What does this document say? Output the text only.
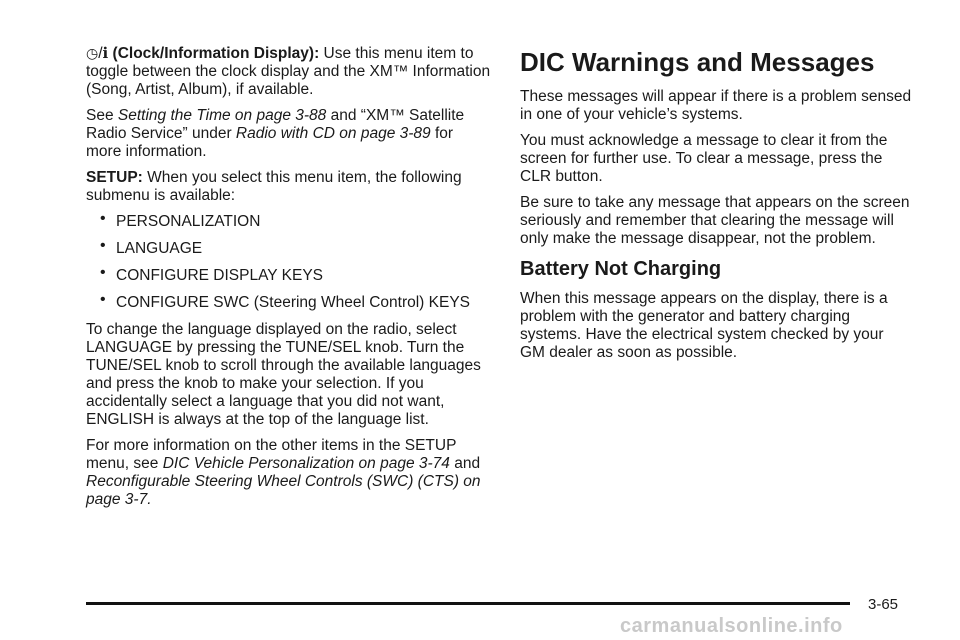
◷/ℹ (Clock/Information Display): Use this menu item to toggle between the clock display and the XM™ Information (Song, Artist, Album), if available.

See Setting the Time on page 3-88 and “XM™ Satellite Radio Service” under Radio with CD on page 3-89 for more information.

SETUP: When you select this menu item, the following submenu is available:

• PERSONALIZATION
• LANGUAGE
• CONFIGURE DISPLAY KEYS
• CONFIGURE SWC (Steering Wheel Control) KEYS

To change the language displayed on the radio, select LANGUAGE by pressing the TUNE/SEL knob. Turn the TUNE/SEL knob to scroll through the available languages and press the knob to make your selection. If you accidentally select a language that you did not want, ENGLISH is always at the top of the language list.

For more information on the other items in the SETUP menu, see DIC Vehicle Personalization on page 3-74 and Reconfigurable Steering Wheel Controls (SWC) (CTS) on page 3-7.

DIC Warnings and Messages

These messages will appear if there is a problem sensed in one of your vehicle’s systems.

You must acknowledge a message to clear it from the screen for further use. To clear a message, press the CLR button.

Be sure to take any message that appears on the screen seriously and remember that clearing the message will only make the message disappear, not the problem.

Battery Not Charging

When this message appears on the display, there is a problem with the generator and battery charging systems. Have the electrical system checked by your GM dealer as soon as possible.

3-65
carmanualsonline.info
